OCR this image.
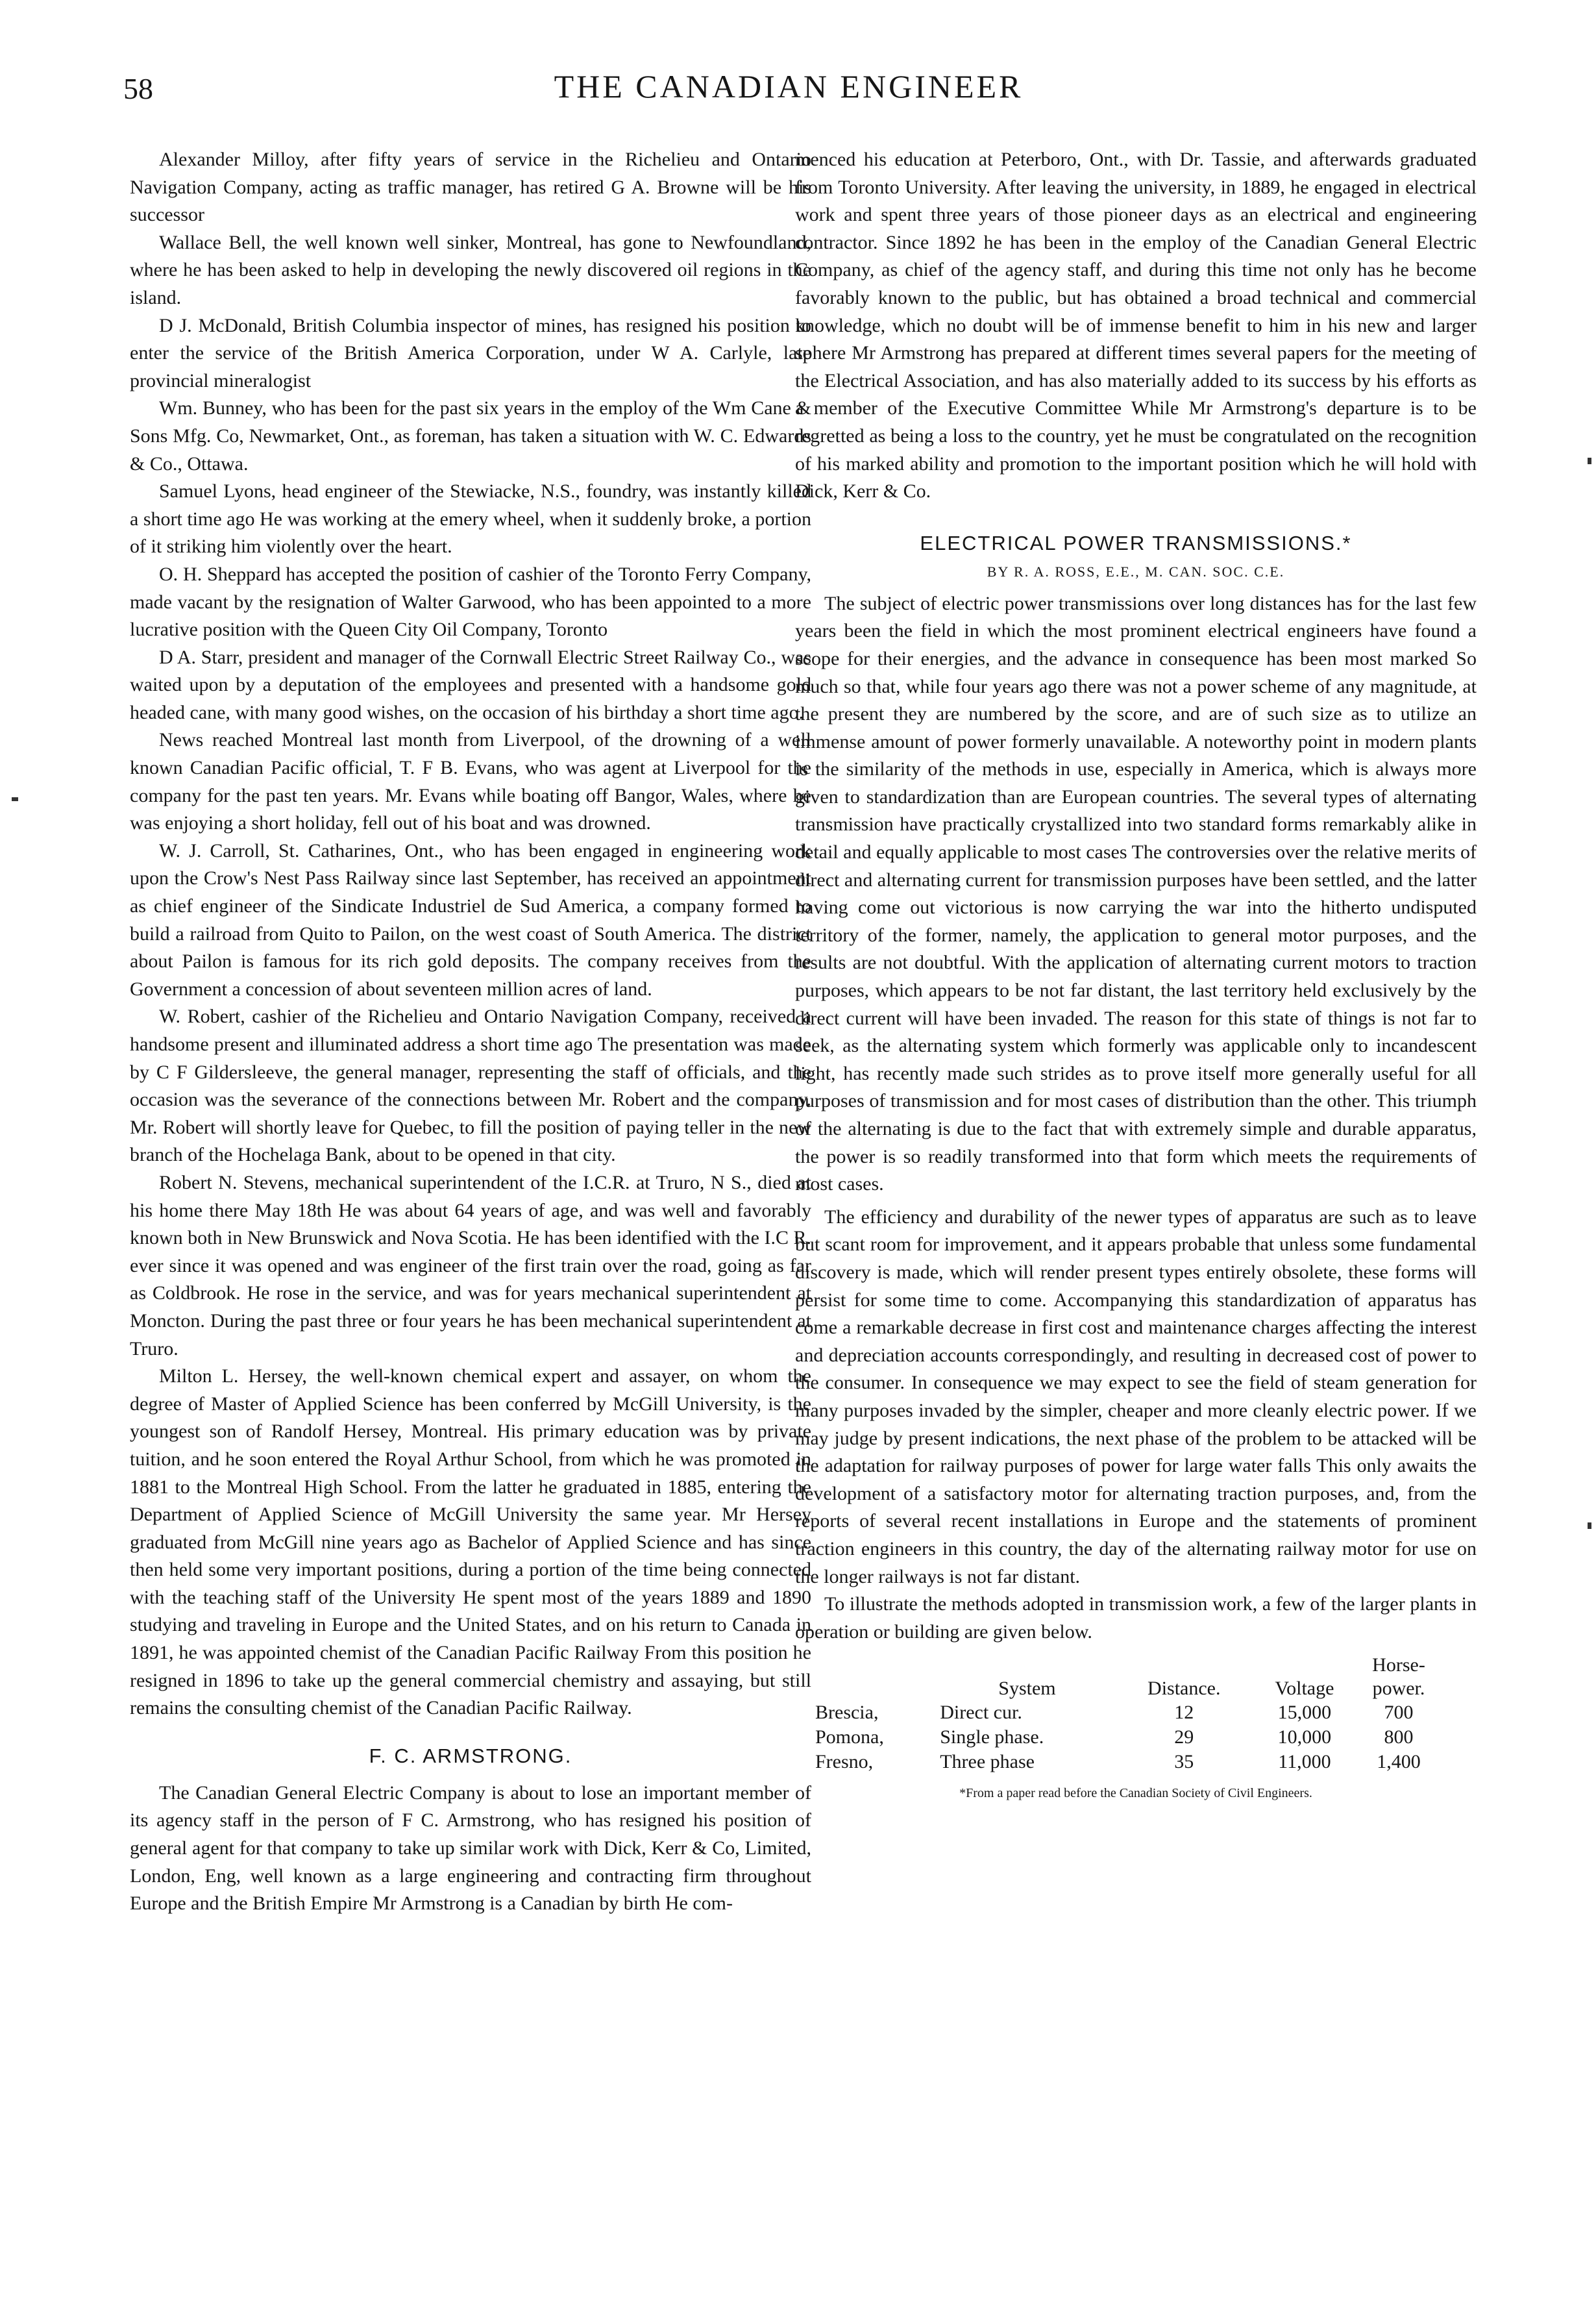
58	THE CANADIAN ENGINEER

Alexander Milloy, after fifty years of service in the Richelieu and Ontario Navigation Company, acting as traffic manager, has retired G A. Browne will be his successor

Wallace Bell, the well known well sinker, Montreal, has gone to Newfoundland, where he has been asked to help in developing the newly discovered oil regions in the island.

D J. McDonald, British Columbia inspector of mines, has resigned his position to enter the service of the British America Corporation, under W A. Carlyle, late provincial mineralogist

Wm. Bunney, who has been for the past six years in the employ of the Wm Cane & Sons Mfg. Co, Newmarket, Ont., as foreman, has taken a situation with W. C. Edwards & Co., Ottawa.

Samuel Lyons, head engineer of the Stewiacke, N.S., foundry, was instantly killed a short time ago He was working at the emery wheel, when it suddenly broke, a portion of it striking him violently over the heart.

O. H. Sheppard has accepted the position of cashier of the Toronto Ferry Company, made vacant by the resignation of Walter Garwood, who has been appointed to a more lucrative position with the Queen City Oil Company, Toronto

D A. Starr, president and manager of the Cornwall Electric Street Railway Co., was waited upon by a deputation of the employees and presented with a handsome gold headed cane, with many good wishes, on the occasion of his birthday a short time ago.

News reached Montreal last month from Liverpool, of the drowning of a well known Canadian Pacific official, T. F B. Evans, who was agent at Liverpool for the company for the past ten years. Mr. Evans while boating off Bangor, Wales, where he was enjoying a short holiday, fell out of his boat and was drowned.

W. J. Carroll, St. Catharines, Ont., who has been engaged in engineering work upon the Crow's Nest Pass Railway since last September, has received an appointment as chief engineer of the Sindicate Industriel de Sud America, a company formed to build a railroad from Quito to Pailon, on the west coast of South America. The district about Pailon is famous for its rich gold deposits. The company receives from the Government a concession of about seventeen million acres of land.

W. Robert, cashier of the Richelieu and Ontario Navigation Company, received a handsome present and illuminated address a short time ago The presentation was made by C F Gildersleeve, the general manager, representing the staff of officials, and the occasion was the severance of the connections between Mr. Robert and the company. Mr. Robert will shortly leave for Quebec, to fill the position of paying teller in the new branch of the Hochelaga Bank, about to be opened in that city.

Robert N. Stevens, mechanical superintendent of the I.C.R. at Truro, N S., died at his home there May 18th He was about 64 years of age, and was well and favorably known both in New Brunswick and Nova Scotia. He has been identified with the I.C R. ever since it was opened and was engineer of the first train over the road, going as far as Coldbrook. He rose in the service, and was for years mechanical superintendent at Moncton. During the past three or four years he has been mechanical superintendent at Truro.

Milton L. Hersey, the well-known chemical expert and assayer, on whom the degree of Master of Applied Science has been conferred by McGill University, is the youngest son of Randolf Hersey, Montreal. His primary education was by private tuition, and he soon entered the Royal Arthur School, from which he was promoted in 1881 to the Montreal High School. From the latter he graduated in 1885, entering the Department of Applied Science of McGill University the same year. Mr Hersey graduated from McGill nine years ago as Bachelor of Applied Science and has since then held some very important positions, during a portion of the time being connected with the teaching staff of the University He spent most of the years 1889 and 1890 studying and traveling in Europe and the United States, and on his return to Canada in 1891, he was appointed chemist of the Canadian Pacific Railway From this position he resigned in 1896 to take up the general commercial chemistry and assaying, but still remains the consulting chemist of the Canadian Pacific Railway.

F. C. ARMSTRONG.

The Canadian General Electric Company is about to lose an important member of its agency staff in the person of F C. Armstrong, who has resigned his position of general agent for that company to take up similar work with Dick, Kerr & Co, Limited, London, Eng, well known as a large engineering and contracting firm throughout Europe and the British Empire Mr Armstrong is a Canadian by birth He com-

menced his education at Peterboro, Ont., with Dr. Tassie, and afterwards graduated from Toronto University. After leaving the university, in 1889, he engaged in electrical work and spent three years of those pioneer days as an electrical and engineering contractor. Since 1892 he has been in the employ of the Canadian General Electric Company, as chief of the agency staff, and during this time not only has he become favorably known to the public, but has obtained a broad technical and commercial knowledge, which no doubt will be of immense benefit to him in his new and larger sphere Mr Armstrong has prepared at different times several papers for the meeting of the Electrical Association, and has also materially added to its success by his efforts as a member of the Executive Committee While Mr Armstrong's departure is to be regretted as being a loss to the country, yet he must be congratulated on the recognition of his marked ability and promotion to the important position which he will hold with Dick, Kerr & Co.

ELECTRICAL POWER TRANSMISSIONS.*
BY R. A. ROSS, E.E., M. CAN. SOC. C.E.

The subject of electric power transmissions over long distances has for the last few years been the field in which the most prominent electrical engineers have found a scope for their energies, and the advance in consequence has been most marked So much so that, while four years ago there was not a power scheme of any magnitude, at the present they are numbered by the score, and are of such size as to utilize an immense amount of power formerly unavailable. A noteworthy point in modern plants is the similarity of the methods in use, especially in America, which is always more given to standardization than are European countries. The several types of alternating transmission have practically crystallized into two standard forms remarkably alike in detail and equally applicable to most cases The controversies over the relative merits of direct and alternating current for transmission purposes have been settled, and the latter having come out victorious is now carrying the war into the hitherto undisputed territory of the former, namely, the application to general motor purposes, and the results are not doubtful. With the application of alternating current motors to traction purposes, which appears to be not far distant, the last territory held exclusively by the direct current will have been invaded. The reason for this state of things is not far to seek, as the alternating system which formerly was applicable only to incandescent light, has recently made such strides as to prove itself more generally useful for all purposes of transmission and for most cases of distribution than the other. This triumph of the alternating is due to the fact that with extremely simple and durable apparatus, the power is so readily transformed into that form which meets the requirements of most cases.

The efficiency and durability of the newer types of apparatus are such as to leave but scant room for improvement, and it appears probable that unless some fundamental discovery is made, which will render present types entirely obsolete, these forms will persist for some time to come. Accompanying this standardization of apparatus has come a remarkable decrease in first cost and maintenance charges affecting the interest and depreciation accounts correspondingly, and resulting in decreased cost of power to the consumer. In consequence we may expect to see the field of steam generation for many purposes invaded by the simpler, cheaper and more cleanly electric power. If we may judge by present indications, the next phase of the problem to be attacked will be the adaptation for railway purposes of power for large water falls This only awaits the development of a satisfactory motor for alternating traction purposes, and, from the reports of several recent installations in Europe and the statements of prominent traction engineers in this country, the day of the alternating railway motor for use on the longer railways is not far distant.

To illustrate the methods adopted in transmission work, a few of the larger plants in operation or building are given below.

	System	Distance.	Voltage	Horse-power.
Brescia,	Direct cur.	12	15,000	700
Pomona,	Single phase.	29	10,000	800
Fresno,	Three phase	35	11,000	1,400
*From a paper read before the Canadian Society of Civil Engineers.
